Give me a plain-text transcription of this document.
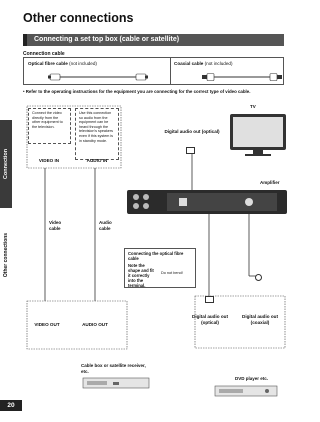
Connection
Other connections
Other connections
Connecting a set top box (cable or satellite)
Connection cable
Optical fibre cable (not included)	Coaxial cable (not included)
• Refer to the operating instructions for the equipment you are connecting for the correct type of video cable.
TV
Digital audio out (optical)
Connect the video directly from the other equipment to the television.
Use this connection so audio from the equipment can be heard through the television's speakers even if this system is in standby mode.
VIDEO IN	AUDIO IN
Amplifier
Video cable
Audio cable
Connecting the optical fibre cable
Note the shape and fit it correctly into the terminal.
Do not bend!
VIDEO OUT	AUDIO OUT
Digital audio out (optical)
Digital audio out (coaxial)
Cable box or satellite receiver, etc.
DVD player etc.
20
